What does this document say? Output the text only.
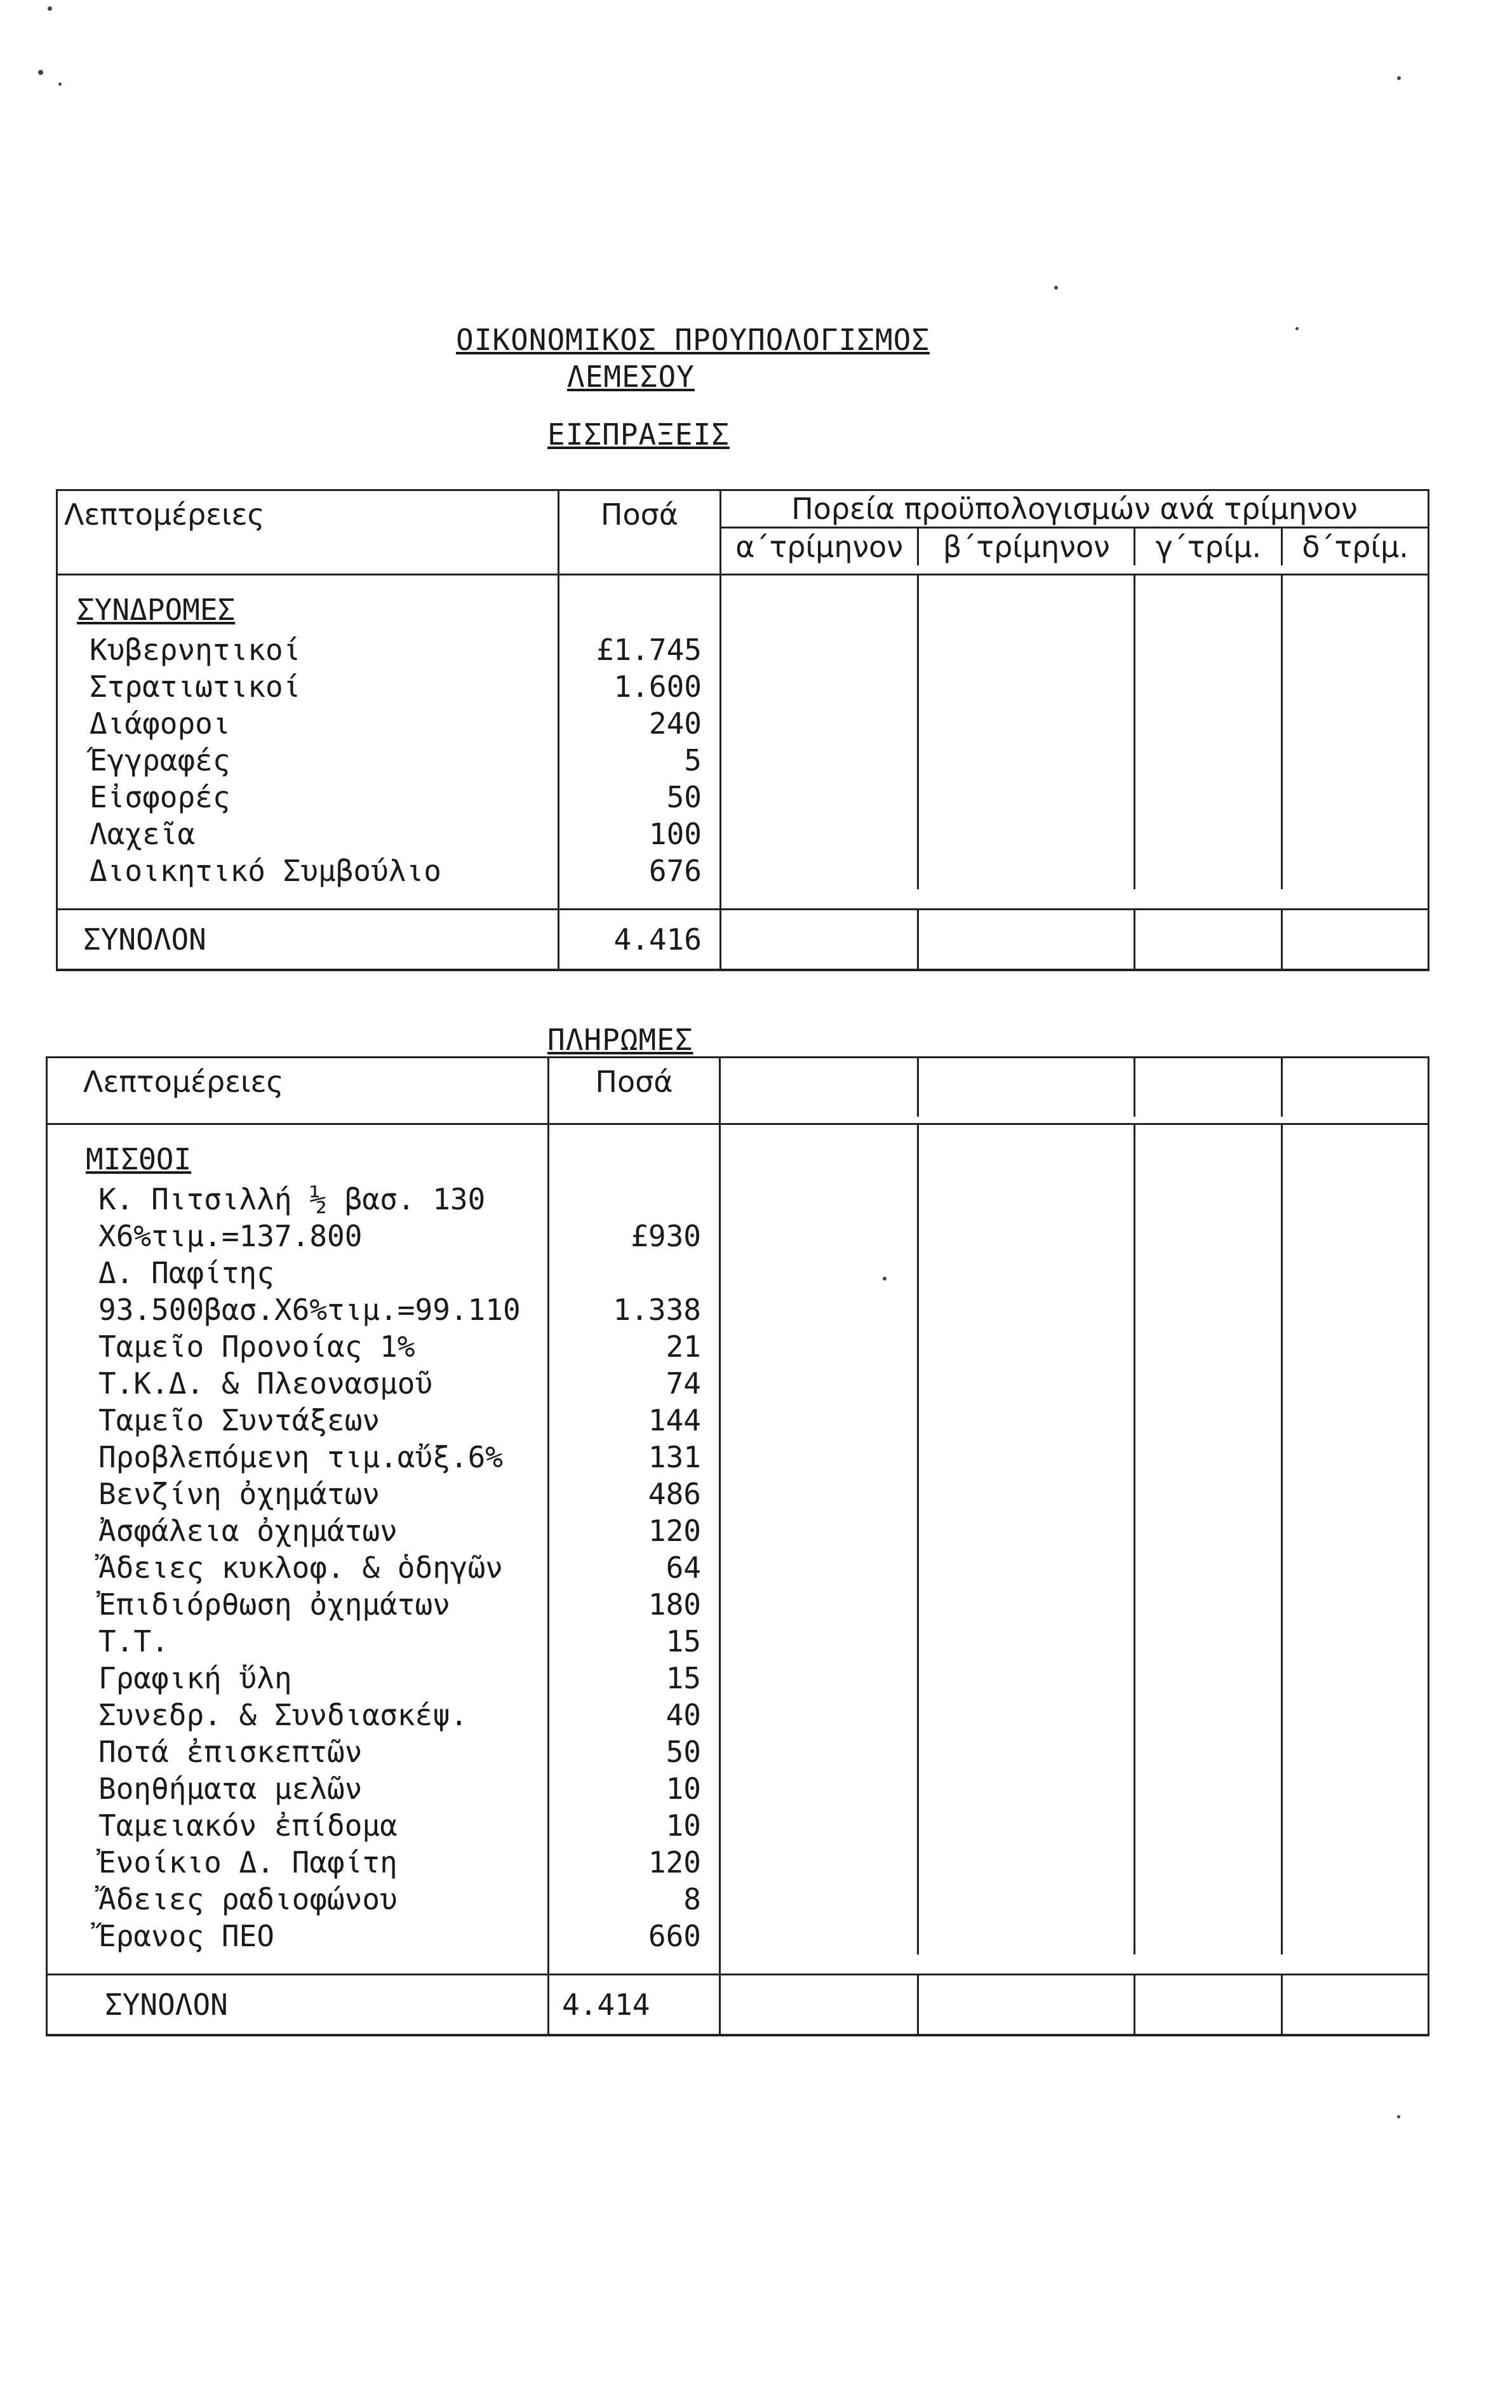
ΟΙΚΟΝΟΜΙΚΟΣ ΠΡΟΥΠΟΛΟΓΙΣΜΟΣ
ΛΕΜΕΣΟΥ
ΕΙΣΠΡΑΞΕΙΣ
Λεπτομέρειες	Ποσά	Πορεία προϋπολογισμών ανά τρίμηνον
α΄τρίμηνον β΄τρίμηνον γ΄τρίμ. δ΄τρίμ.

ΣΥΝΔΡΟΜΕΣ		

Κυβερνητικοί	£1.745	

Στρατιωτικοί	1.600	

Διάφοροι	240	

Έγγραφές	5	

Εἰσφορές	50	

Λαχεῖα	100	

Διοικητικό Συμβούλιο	676	

ΣΥΝΟΛΟΝ	4.416	
ΠΛΗΡΩΜΕΣ
Λεπτομέρειες	Ποσά	

ΜΙΣΘΟΙ		

Κ. Πιτσιλλή ½ βασ. 130		

Χ6%τιμ.=137.800	£930	

Δ. Παφίτης		

93.500βασ.Χ6%τιμ.=99.110	1.338	

Ταμεῖο Προνοίας 1%	21	

Τ.Κ.Δ. & Πλεονασμοῦ	74	

Ταμεῖο Συντάξεων	144	

Προβλεπόμενη τιμ.αὔξ.6%	131	

Βενζίνη ὀχημάτων	486	

Ἀσφάλεια ὀχημάτων	120	

Ἄδειες κυκλοφ. & ὁδηγῶν	64	

Ἐπιδιόρθωση ὀχημάτων	180	

Τ.Τ.	15	

Γραφική ὕλη	15	

Συνεδρ. & Συνδιασκέψ.	40	

Ποτά ἐπισκεπτῶν	50	

Βοηθήματα μελῶν	10	

Ταμειακόν ἐπίδομα	10	

Ἐνοίκιο Δ. Παφίτη	120	

Ἄδειες ραδιοφώνου	8	

Ἔρανος ΠΕΟ	660	

ΣΥΝΟΛΟΝ	4.414	
